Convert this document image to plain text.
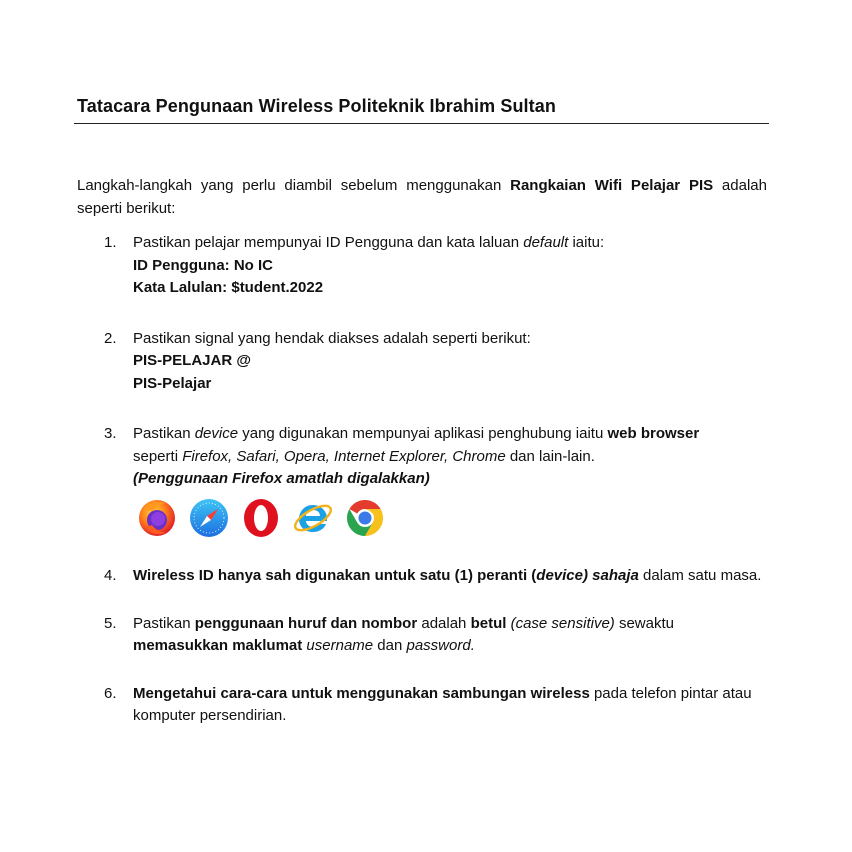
Tatacara Pengunaan Wireless Politeknik Ibrahim Sultan
Langkah-langkah yang perlu diambil sebelum menggunakan Rangkaian Wifi Pelajar PIS adalah seperti berikut:
1. Pastikan pelajar mempunyai ID Pengguna dan kata laluan default iaitu:
ID Pengguna: No IC
Kata Lalulan: $tudent.2022
2. Pastikan signal yang hendak diakses adalah seperti berikut:
PIS-PELAJAR @
PIS-Pelajar
3. Pastikan device yang digunakan mempunyai aplikasi penghubung iaitu web browser
seperti Firefox, Safari, Opera, Internet Explorer, Chrome dan lain-lain.
(Penggunaan Firefox amatlah digalakkan)
4. Wireless ID hanya sah digunakan untuk satu (1) peranti (device) sahaja dalam satu masa.
5. Pastikan penggunaan huruf dan nombor adalah betul (case sensitive) sewaktu memasukkan maklumat username dan password.
6. Mengetahui cara-cara untuk menggunakan sambungan wireless pada telefon pintar atau komputer persendirian.
